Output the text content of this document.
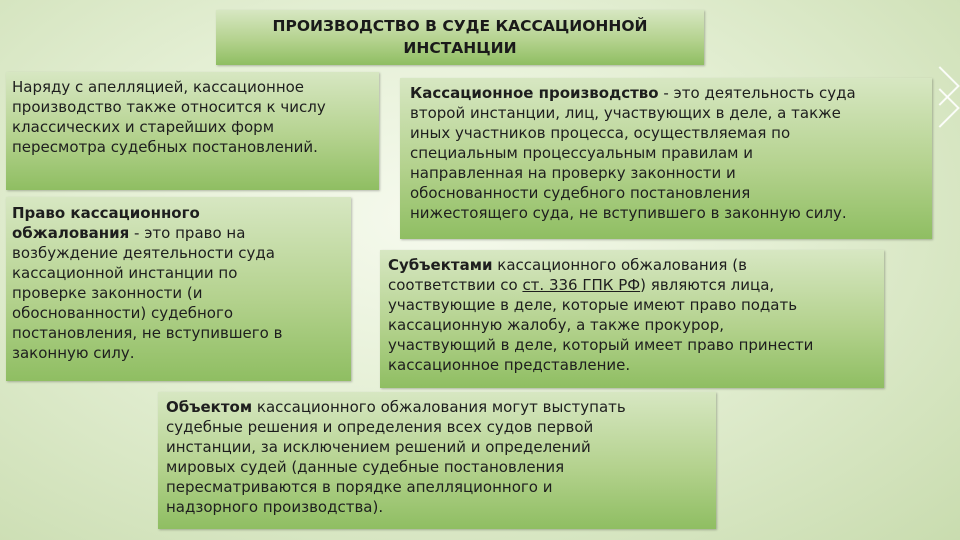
ПРОИЗВОДСТВО В СУДЕ КАССАЦИОННОЙ
ИНСТАНЦИИ
Наряду с апелляцией, кассационное
производство также относится к числу
классических и старейших форм
пересмотра судебных постановлений.
Кассационное производство - это деятельность суда
второй инстанции, лиц, участвующих в деле, а также
иных участников процесса, осуществляемая по
специальным процессуальным правилам и
направленная на проверку законности и
обоснованности судебного постановления
нижестоящего суда, не вступившего в законную силу.
Право кассационного
обжалования - это право на
возбуждение деятельности суда
кассационной инстанции по
проверке законности (и
обоснованности) судебного
постановления, не вступившего в
законную силу.
Субъектами кассационного обжалования (в
соответствии со ст. 336 ГПК РФ) являются лица,
участвующие в деле, которые имеют право подать
кассационную жалобу, а также прокурор,
участвующий в деле, который имеет право принести
кассационное представление.
Объектом кассационного обжалования могут выступать
судебные решения и определения всех судов первой
инстанции, за исключением решений и определений
мировых судей (данные судебные постановления
пересматриваются в порядке апелляционного и
надзорного производства).
